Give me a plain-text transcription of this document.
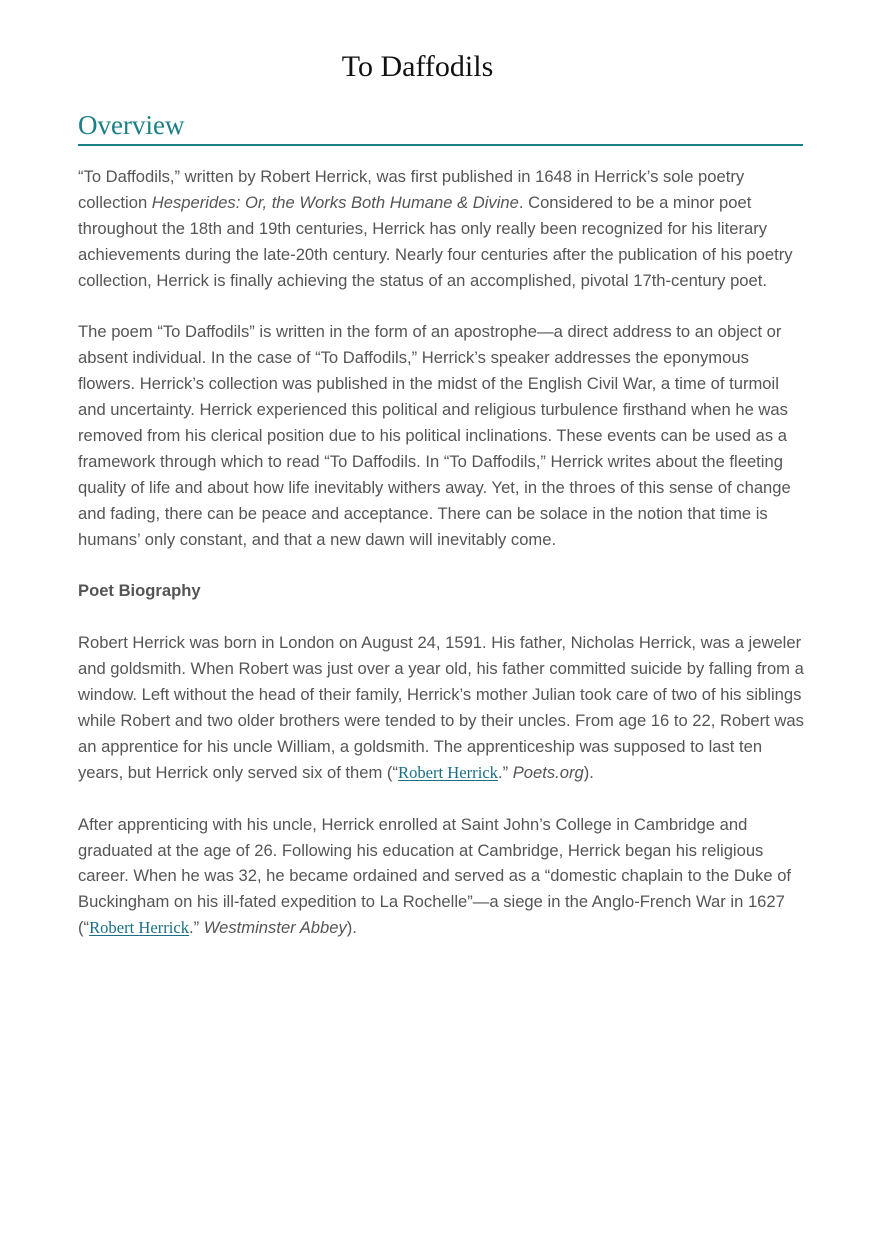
To Daffodils
Overview

“To Daffodils,” written by Robert Herrick, was first published in 1648 in Herrick’s sole poetry collection Hesperides: Or, the Works Both Humane & Divine. Considered to be a minor poet throughout the 18th and 19th centuries, Herrick has only really been recognized for his literary achievements during the late-20th century. Nearly four centuries after the publication of his poetry collection, Herrick is finally achieving the status of an accomplished, pivotal 17th-century poet.

The poem “To Daffodils” is written in the form of an apostrophe—a direct address to an object or absent individual. In the case of “To Daffodils,” Herrick’s speaker addresses the eponymous flowers. Herrick’s collection was published in the midst of the English Civil War, a time of turmoil and uncertainty. Herrick experienced this political and religious turbulence firsthand when he was removed from his clerical position due to his political inclinations. These events can be used as a framework through which to read “To Daffodils. In “To Daffodils,” Herrick writes about the fleeting quality of life and about how life inevitably withers away. Yet, in the throes of this sense of change and fading, there can be peace and acceptance. There can be solace in the notion that time is humans’ only constant, and that a new dawn will inevitably come.

Poet Biography

Robert Herrick was born in London on August 24, 1591. His father, Nicholas Herrick, was a jeweler and goldsmith. When Robert was just over a year old, his father committed suicide by falling from a window. Left without the head of their family, Herrick’s mother Julian took care of two of his siblings while Robert and two older brothers were tended to by their uncles. From age 16 to 22, Robert was an apprentice for his uncle William, a goldsmith. The apprenticeship was supposed to last ten years, but Herrick only served six of them (“Robert Herrick.” Poets.org).

After apprenticing with his uncle, Herrick enrolled at Saint John’s College in Cambridge and graduated at the age of 26. Following his education at Cambridge, Herrick began his religious career. When he was 32, he became ordained and served as a “domestic chaplain to the Duke of Buckingham on his ill-fated expedition to La Rochelle”—a siege in the Anglo-French War in 1627 (“Robert Herrick.” Westminster Abbey).
